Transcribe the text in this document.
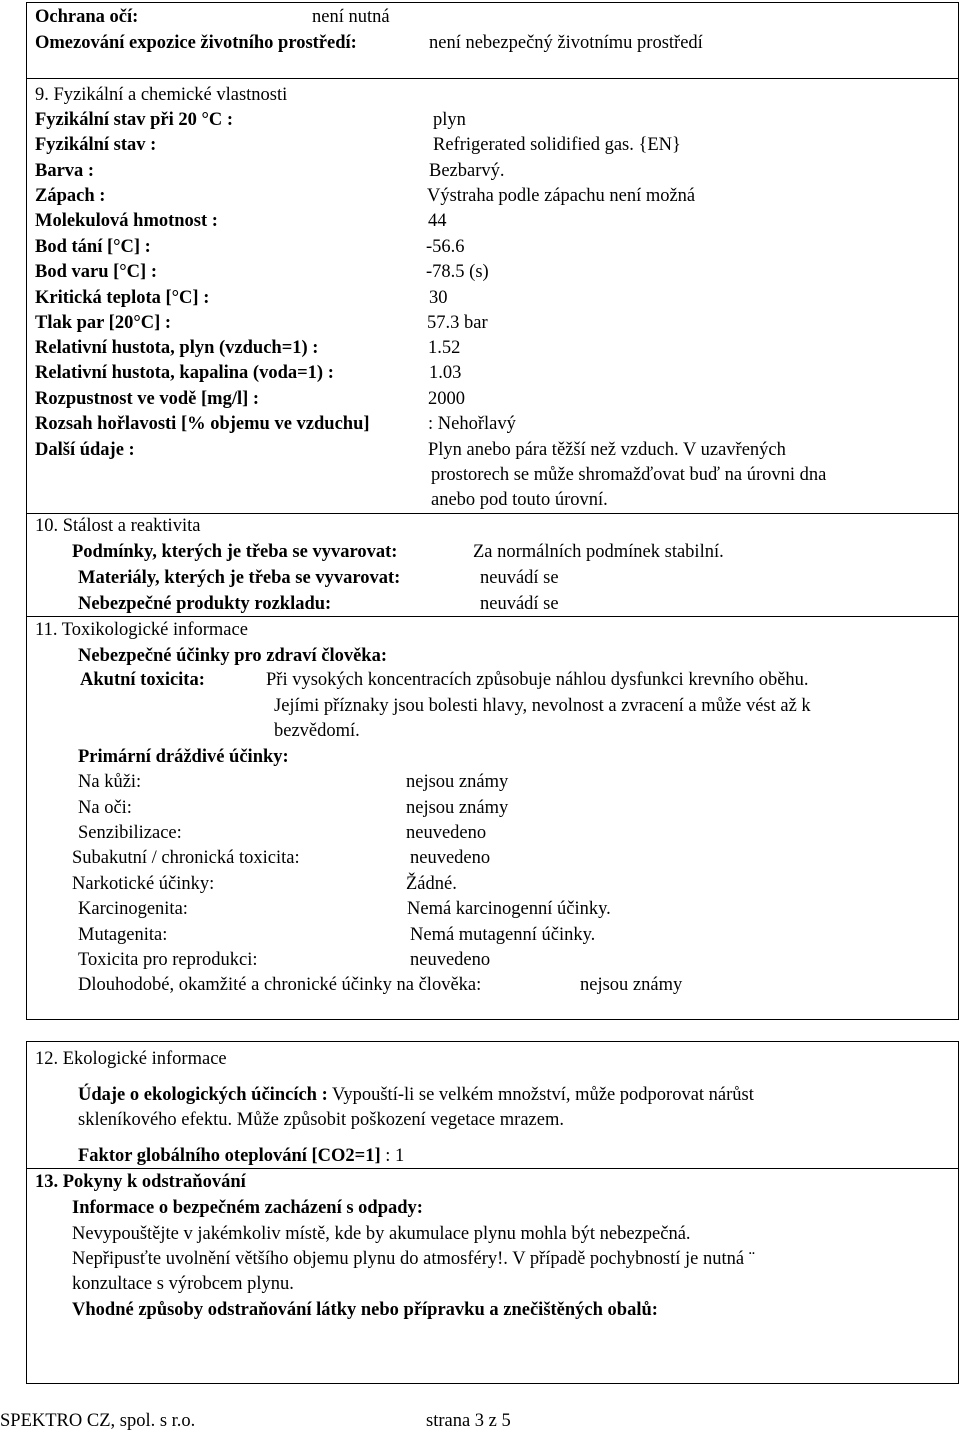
Ochrana očí:	není nutná
Omezování expozice životního prostředí:	není nebezpečný životnímu prostředí
9. Fyzikální a chemické vlastnosti
Fyzikální stav při 20 °C :	plyn
Fyzikální stav :	Refrigerated solidified gas. {EN}
Barva :	Bezbarvý.
Zápach :	Výstraha podle zápachu není možná
Molekulová hmotnost :	44
Bod tání [°C] :	-56.6
Bod varu [°C] :	-78.5 (s)
Kritická teplota [°C] :	30
Tlak par [20°C] :	57.3 bar
Relativní hustota, plyn (vzduch=1) :	1.52
Relativní hustota, kapalina (voda=1) :	1.03
Rozpustnost ve vodě [mg/l] :	2000
Rozsah hořlavosti [% objemu ve vzduchu]	: Nehořlavý
Další údaje :	Plyn anebo pára těžší než vzduch. V uzavřených
prostorech se může shromažďovat buď na úrovni dna
anebo pod touto úrovní.
10. Stálost a reaktivita
Podmínky, kterých je třeba se vyvarovat:	Za normálních podmínek stabilní.
Materiály, kterých je třeba se vyvarovat:	neuvádí se
Nebezpečné produkty rozkladu:	neuvádí se
11. Toxikologické informace
Nebezpečné účinky pro zdraví člověka:
Akutní toxicita:	Při vysokých koncentracích způsobuje náhlou dysfunkci krevního oběhu.
Jejími příznaky jsou bolesti hlavy, nevolnost a zvracení a může vést až k
bezvědomí.
Primární dráždivé účinky:
Na kůži:	nejsou známy
Na oči:	nejsou známy
Senzibilizace:	neuvedeno
Subakutní / chronická toxicita:	neuvedeno
Narkotické účinky:	Žádné.
Karcinogenita:	Nemá karcinogenní účinky.
Mutagenita:	Nemá mutagenní účinky.
Toxicita pro reprodukci:	neuvedeno
Dlouhodobé, okamžité a chronické účinky na člověka:	nejsou známy
12. Ekologické informace
Údaje o ekologických účincích : Vypouští-li se velkém množství, může podporovat nárůst
skleníkového efektu. Může způsobit poškození vegetace mrazem.
Faktor globálního oteplování [CO2=1] : 1
13. Pokyny k odstraňování
Informace o bezpečném zacházení s odpady:
Nevypouštějte v jakémkoliv místě, kde by akumulace plynu mohla být nebezpečná.
Nepřipusťte uvolnění většího objemu plynu do atmosféry!. V případě pochybností je nutná ¨
konzultace s výrobcem plynu.
Vhodné způsoby odstraňování látky nebo přípravku a znečištěných obalů:
SPEKTRO CZ, spol. s r.o.	strana 3 z 5
